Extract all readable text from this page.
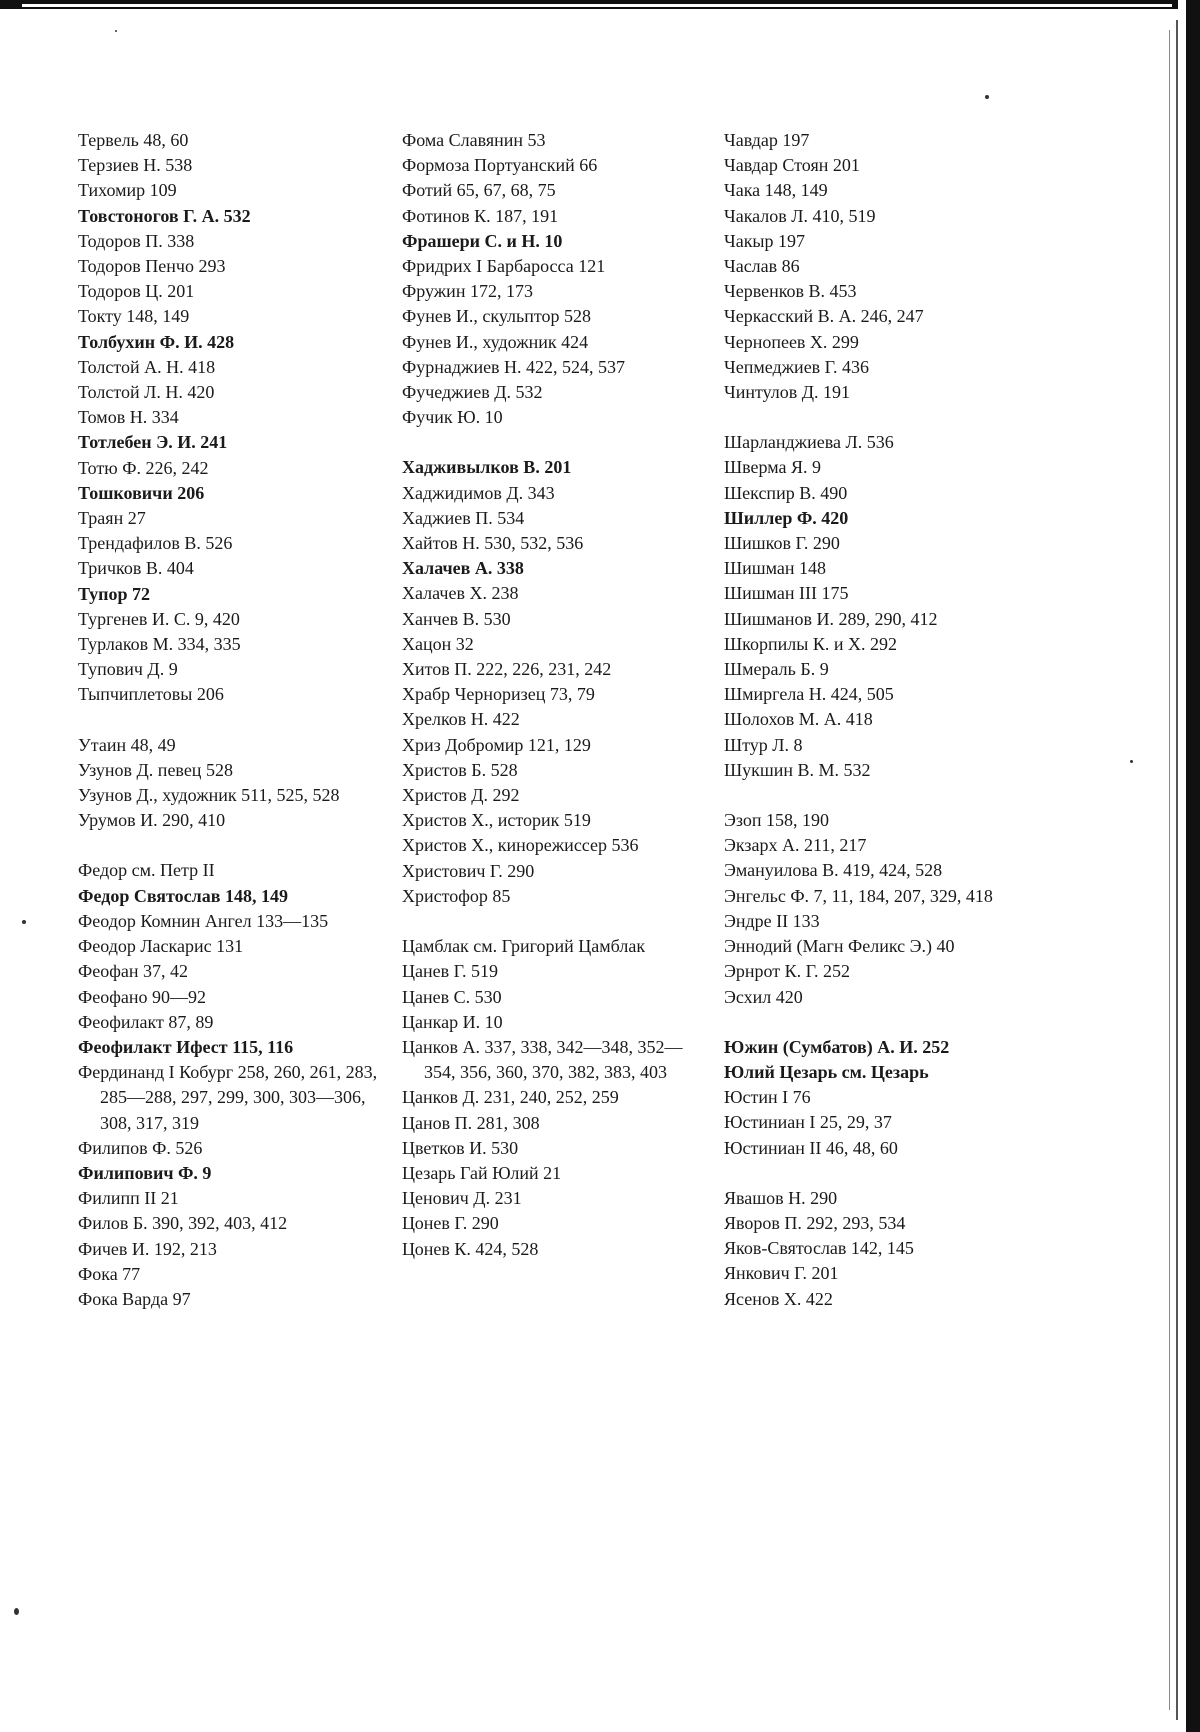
Тервель 48, 60
Терзиев Н. 538
Тихомир 109
Товстоногов Г. А. 532
Тодоров П. 338
Тодоров Пенчо 293
Тодоров Ц. 201
Токту 148, 149
Толбухин Ф. И. 428
Толстой А. Н. 418
Толстой Л. Н. 420
Томов Н. 334
Тотлебен Э. И. 241
Тотю Ф. 226, 242
Тошковичи 206
Траян 27
Трендафилов В. 526
Тричков В. 404
Тупор 72
Тургенев И. С. 9, 420
Турлаков М. 334, 335
Тупович Д. 9
Тыпчиплетовы 206
Утаин 48, 49
Узунов Д. певец 528
Узунов Д., художник 511, 525, 528
Урумов И. 290, 410
Федор см. Петр II
Федор Святослав 148, 149
Феодор Комнин Ангел 133—135
Феодор Ласкарис 131
Феофан 37, 42
Феофано 90—92
Феофилакт 87, 89
Феофилакт Ифест 115, 116
Фердинанд I Кобург 258, 260, 261, 283, 285—288, 297, 299, 300, 303—306, 308, 317, 319
Филипов Ф. 526
Филипович Ф. 9
Филипп II 21
Филов Б. 390, 392, 403, 412
Фичев И. 192, 213
Фока 77
Фока Варда 97
Фома Славянин 53
Формоза Портуанский 66
Фотий 65, 67, 68, 75
Фотинов К. 187, 191
Фрашери С. и Н. 10
Фридрих I Барбаросса 121
Фружин 172, 173
Фунев И., скульптор 528
Фунев И., художник 424
Фурнаджиев Н. 422, 524, 537
Фучеджиев Д. 532
Фучик Ю. 10
Хадживылков В. 201
Хаджидимов Д. 343
Хаджиев П. 534
Хайтов Н. 530, 532, 536
Халачев А. 338
Халачев Х. 238
Ханчев В. 530
Хацон 32
Хитов П. 222, 226, 231, 242
Храбр Черноризец 73, 79
Хрелков Н. 422
Хриз Добромир 121, 129
Христов Б. 528
Христов Д. 292
Христов Х., историк 519
Христов Х., кинорежиссер 536
Христович Г. 290
Христофор 85
Цамблак см. Григорий Цамблак
Цанев Г. 519
Цанев С. 530
Цанкар И. 10
Цанков А. 337, 338, 342—348, 352—354, 356, 360, 370, 382, 383, 403
Цанков Д. 231, 240, 252, 259
Цанов П. 281, 308
Цветков И. 530
Цезарь Гай Юлий 21
Ценович Д. 231
Цонев Г. 290
Цонев К. 424, 528
Чавдар 197
Чавдар Стоян 201
Чака 148, 149
Чакалов Л. 410, 519
Чакыр 197
Часлав 86
Червенков В. 453
Черкасский В. А. 246, 247
Чернопеев Х. 299
Чепмеджиев Г. 436
Чинтулов Д. 191
Шарланджиева Л. 536
Шверма Я. 9
Шекспир В. 490
Шиллер Ф. 420
Шишков Г. 290
Шишман 148
Шишман III 175
Шишманов И. 289, 290, 412
Шкорпилы К. и Х. 292
Шмераль Б. 9
Шмиргела Н. 424, 505
Шолохов М. А. 418
Штур Л. 8
Шукшин В. М. 532
Эзоп 158, 190
Экзарх А. 211, 217
Эмануилова В. 419, 424, 528
Энгельс Ф. 7, 11, 184, 207, 329, 418
Эндре II 133
Эннодий (Магн Феликс Э.) 40
Эрнрот К. Г. 252
Эсхил 420
Южин (Сумбатов) А. И. 252
Юлий Цезарь см. Цезарь
Юстин I 76
Юстиниан I 25, 29, 37
Юстиниан II 46, 48, 60
Явашов Н. 290
Яворов П. 292, 293, 534
Яков-Святослав 142, 145
Янкович Г. 201
Ясенов Х. 422
